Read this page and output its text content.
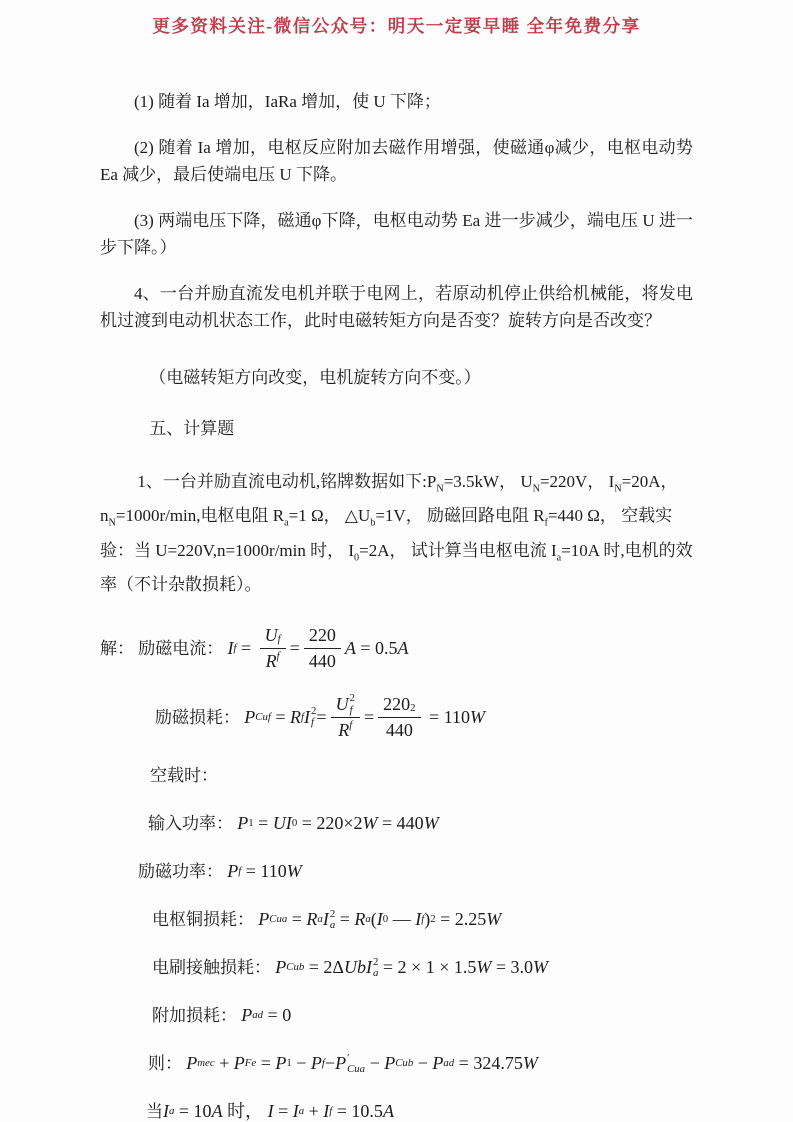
更多资料关注-微信公众号：明天一定要早睡 全年免费分享

(1) 随着 Ia 增加，IaRa 增加，使 U 下降；

(2) 随着 Ia 增加，电枢反应附加去磁作用增强，使磁通φ减少，电枢电动势 Ea 减少，最后使端电压 U 下降。

(3) 两端电压下降，磁通φ下降，电枢电动势 Ea 进一步减少，端电压 U 进一步下降。）

4、一台并励直流发电机并联于电网上，若原动机停止供给机械能，将发电机过渡到电动机状态工作，此时电磁转矩方向是否变？旋转方向是否改变？

（电磁转矩方向改变，电机旋转方向不变。）

五、计算题

1、一台并励直流电动机,铭牌数据如下$:P_N=3.5kW$， $U_N=220V$， $I_N=20A$， $n_N=1000r/\min$,电枢电阻 $R_a=1$ Ω， $\triangle U_b=1V$， 励磁回路电阻 $R_f=440$ Ω， 空载实验：当 U=220V,n=1000r/min 时， $I_0=2A$， 试计算当电枢电流 $I_a=10A$ 时,电机的效率（不计杂散损耗）。

解： 励磁电流： I $f = \frac{\text{U f}}{\text{R f}} = \frac{220}{440}$ A = 0.5 A
励磁损耗： P Cuf = R f I 2
f = U 2
f
R $f = \frac{220 2}{440} = 110$ W
空载时：
输入功率： P 1 = UI 0 = 220×2 W = 440 W
励磁功率： P f = 110 W
电枢铜损耗： P Cua = R a I 2
a = R a ( I 0 — I f ) 2 = 2.25 W
电刷接触损耗： P Cub = 2Δ Ub I 2
a = 2 × 1 × 1.5 W = 3.0 W
附加损耗： P ad = 0
则： P mec + P Fe = P 1 − P f − P ′
Cua − P Cub − P ad = 324.75 W
当 I a = 10 A 时， I = I a + I f = 10.5 A
